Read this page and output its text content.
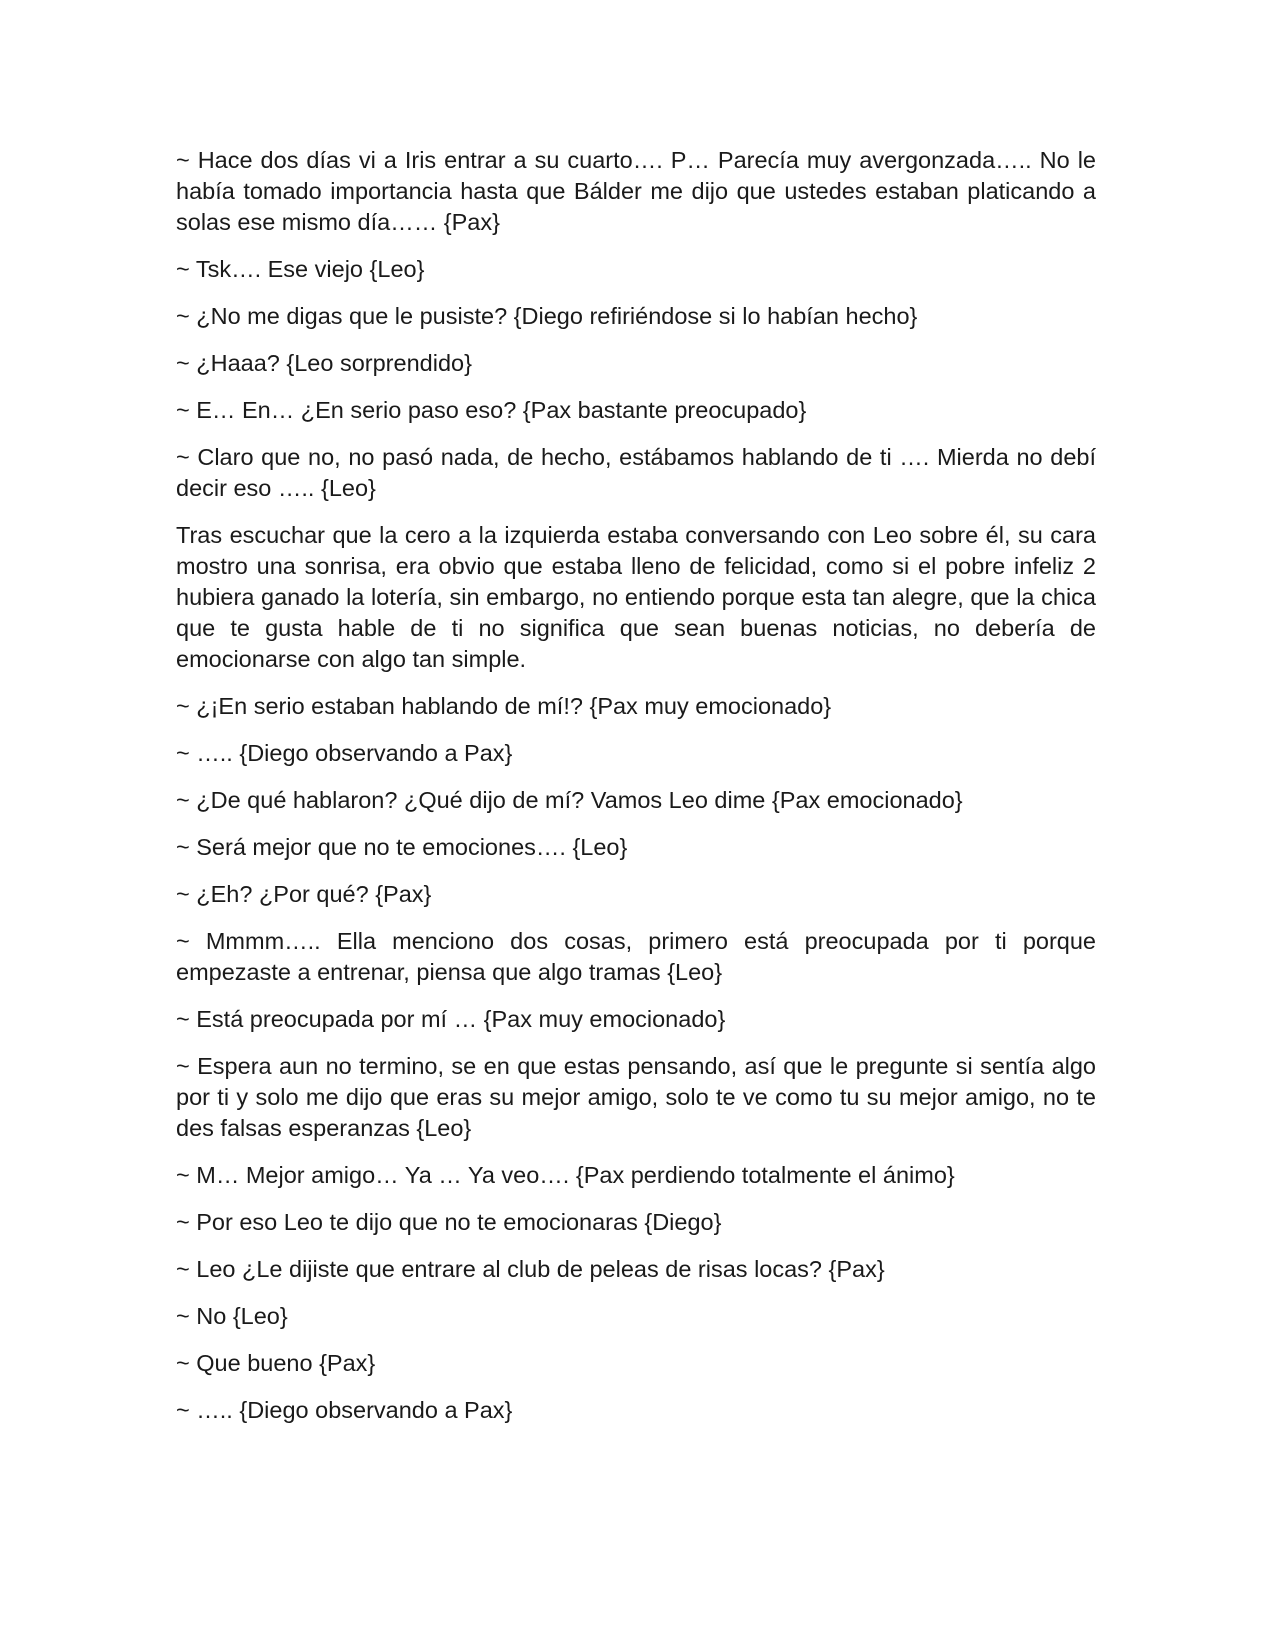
~ Hace dos días vi a Iris entrar a su cuarto…. P… Parecía muy avergonzada….. No le había tomado importancia hasta que Bálder me dijo que ustedes estaban platicando a solas ese mismo día…… {Pax}

~ Tsk…. Ese viejo {Leo}

~ ¿No me digas que le pusiste? {Diego refiriéndose si lo habían hecho}

~ ¿Haaa? {Leo sorprendido}

~ E… En… ¿En serio paso eso? {Pax bastante preocupado}

~ Claro que no, no pasó nada, de hecho, estábamos hablando de ti …. Mierda no debí decir eso ….. {Leo}

Tras escuchar que la cero a la izquierda estaba conversando con Leo sobre él, su cara mostro una sonrisa, era obvio que estaba lleno de felicidad, como si el pobre infeliz 2 hubiera ganado la lotería, sin embargo, no entiendo porque esta tan alegre, que la chica que te gusta hable de ti no significa que sean buenas noticias, no debería de emocionarse con algo tan simple.

~ ¿¡En serio estaban hablando de mí!? {Pax muy emocionado}

~ ….. {Diego observando a Pax}

~ ¿De qué hablaron? ¿Qué dijo de mí? Vamos Leo dime {Pax emocionado}

~ Será mejor que no te emociones…. {Leo}

~ ¿Eh? ¿Por qué? {Pax}

~ Mmmm….. Ella menciono dos cosas, primero está preocupada por ti porque empezaste a entrenar, piensa que algo tramas {Leo}

~ Está preocupada por mí … {Pax muy emocionado}

~ Espera aun no termino, se en que estas pensando, así que le pregunte si sentía algo por ti y solo me dijo que eras su mejor amigo, solo te ve como tu su mejor amigo, no te des falsas esperanzas {Leo}

~ M… Mejor amigo… Ya … Ya veo…. {Pax perdiendo totalmente el ánimo}

~ Por eso Leo te dijo que no te emocionaras {Diego}

~ Leo ¿Le dijiste que entrare al club de peleas de risas locas? {Pax}

~ No {Leo}

~ Que bueno {Pax}

~ ….. {Diego observando a Pax}
